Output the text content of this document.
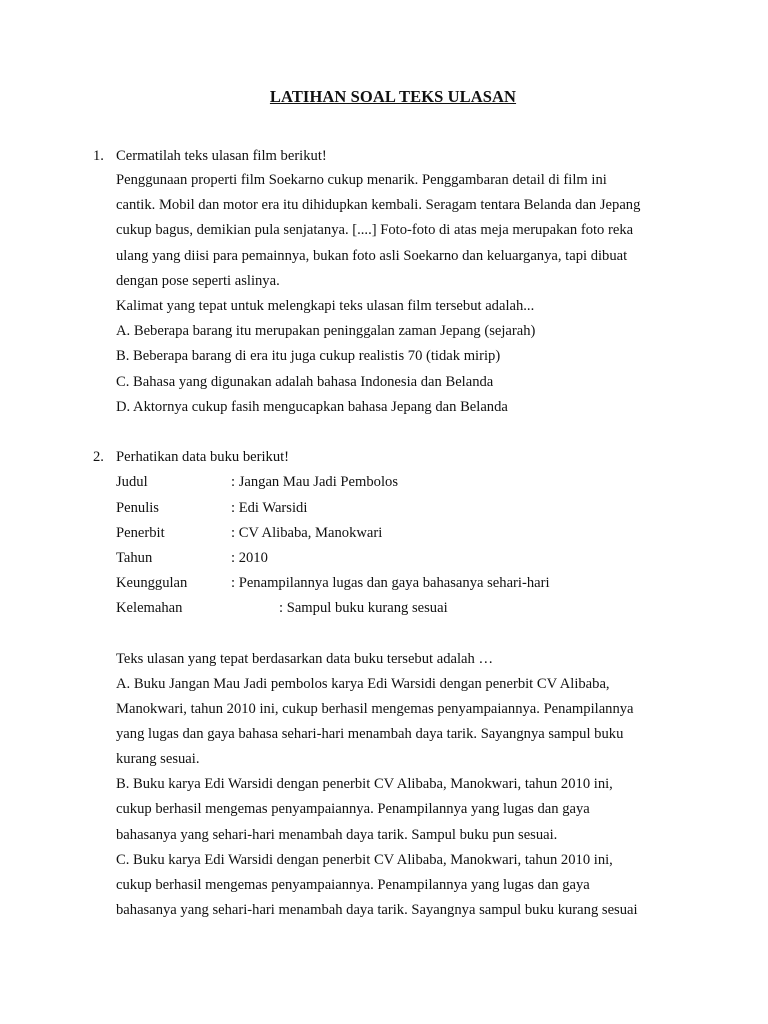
LATIHAN SOAL TEKS ULASAN
1. Cermatilah teks ulasan film berikut!
Penggunaan properti film Soekarno cukup menarik. Penggambaran detail di film ini
cantik. Mobil dan motor era itu dihidupkan kembali. Seragam tentara Belanda dan Jepang
cukup bagus, demikian pula senjatanya. [....] Foto-foto di atas meja merupakan foto reka
ulang yang diisi para pemainnya, bukan foto asli Soekarno dan keluarganya, tapi dibuat
dengan pose seperti aslinya.
Kalimat yang tepat untuk melengkapi teks ulasan film tersebut adalah...
A. Beberapa barang itu merupakan peninggalan zaman Jepang (sejarah)
B. Beberapa barang di era itu juga cukup realistis 70 (tidak mirip)
C. Bahasa yang digunakan adalah bahasa Indonesia dan Belanda
D. Aktornya cukup fasih mengucapkan bahasa Jepang dan Belanda
2. Perhatikan data buku berikut!
Judul	: Jangan Mau Jadi Pembolos
Penulis	: Edi Warsidi
Penerbit	: CV Alibaba, Manokwari
Tahun	: 2010
Keunggulan	: Penampilannya lugas dan gaya bahasanya sehari-hari
Kelemahan	: Sampul buku kurang sesuai
Teks ulasan yang tepat berdasarkan data buku tersebut adalah …
A. Buku Jangan Mau Jadi pembolos karya Edi Warsidi dengan penerbit CV Alibaba,
Manokwari, tahun 2010 ini, cukup berhasil mengemas penyampaiannya. Penampilannya
yang lugas dan gaya bahasa sehari-hari menambah daya tarik. Sayangnya sampul buku
kurang sesuai.
B. Buku karya Edi Warsidi dengan penerbit CV Alibaba, Manokwari, tahun 2010 ini,
cukup berhasil mengemas penyampaiannya. Penampilannya yang lugas dan gaya
bahasanya yang sehari-hari menambah daya tarik. Sampul buku pun sesuai.
C. Buku karya Edi Warsidi dengan penerbit CV Alibaba, Manokwari, tahun 2010 ini,
cukup berhasil mengemas penyampaiannya. Penampilannya yang lugas dan gaya
bahasanya yang sehari-hari menambah daya tarik. Sayangnya sampul buku kurang sesuai
